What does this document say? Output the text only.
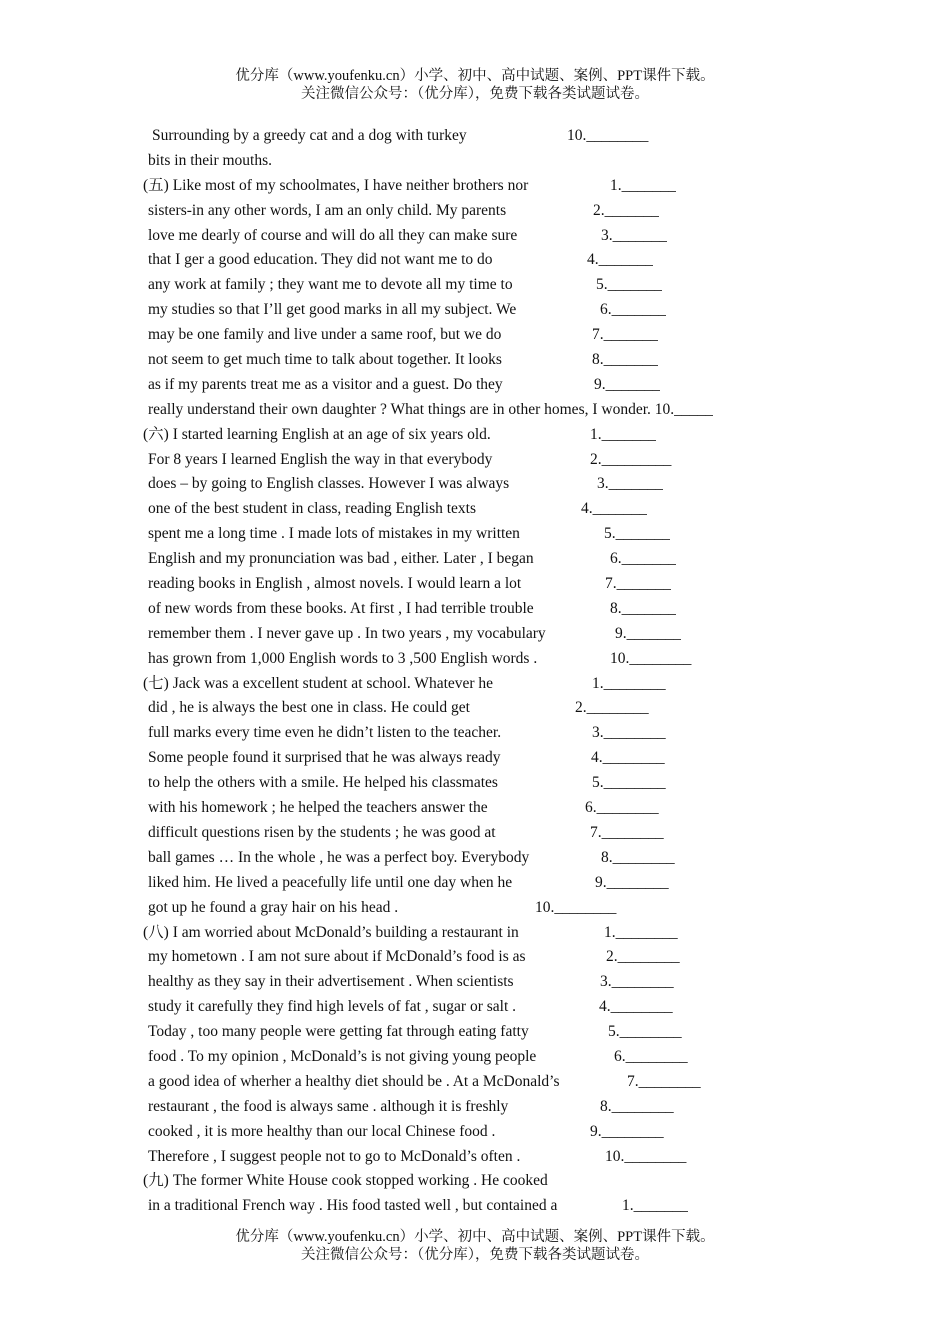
优分库（www.youfenku.cn）小学、初中、高中试题、案例、PPT课件下载。
关注微信公众号：（优分库），免费下载各类试题试卷。
Surrounding by a greedy cat and a dog with turkey	10.________
bits in their mouths.
(五) Like most of my schoolmates, I have neither brothers nor	1._______
sisters-in any other words, I am an only child. My parents	2._______
love me dearly of course and will do all they can make sure	3._______
that I ger a good education. They did not want me to do	4._______
any work at family ; they want me to devote all my time to	5._______
my studies so that I’ll get good marks in all my subject. We	6._______
may be one family and live under a same roof, but we do	7._______
not seem to get much time to talk about together. It looks	8._______
as if my parents treat me as a visitor and a guest. Do they	9._______
really understand their own daughter ? What things are in other homes, I wonder. 10._____
(六) I started learning English at an age of six years old.	1._______
For 8 years I learned English the way in that everybody	2._________
does – by going to English classes. However I was always	3._______
one of the best student in class, reading English texts	4._______
spent me a long time . I made lots of mistakes in my written	5._______
English and my pronunciation was bad , either. Later , I began	6._______
reading books in English , almost novels. I would learn a lot	7._______
of new words from these books. At first , I had terrible trouble	8._______
remember them . I never gave up . In two years , my vocabulary	9._______
has grown from 1,000 English words to 3 ,500 English words .	10.________
(七) Jack was a excellent student at school. Whatever he	1.________
did , he is always the best one in class. He could get	2.________
full marks every time even he didn’t listen to the teacher.	3.________
Some people found it surprised that he was always ready	4.________
to help the others with a smile. He helped his classmates	5.________
with his homework ; he helped the teachers answer the	6.________
difficult questions risen by the students ; he was good at	7.________
ball games … In the whole , he was a perfect boy. Everybody	8.________
liked him. He lived a peacefully life until one day when he	9.________
got up he found a gray hair on his head .	10.________
(八) I am worried about McDonald’s building a restaurant in	1.________
my hometown . I am not sure about if McDonald’s food is as	2.________
healthy as they say in their advertisement . When scientists	3.________
study it carefully they find high levels of fat , sugar or salt .	4.________
Today , too many people were getting fat through eating fatty	5.________
food . To my opinion , McDonald’s is not giving young people	6.________
a good idea of wherher a healthy diet should be . At a McDonald’s	7.________
restaurant , the food is always same . although it is freshly	8.________
cooked , it is more healthy than our local Chinese food .	9.________
Therefore , I suggest people not to go to McDonald’s often .	10.________
(九) The former White House cook stopped working . He cooked
in a traditional French way . His food tasted well , but contained a	1._______
优分库（www.youfenku.cn）小学、初中、高中试题、案例、PPT课件下载。
关注微信公众号：（优分库），免费下载各类试题试卷。
